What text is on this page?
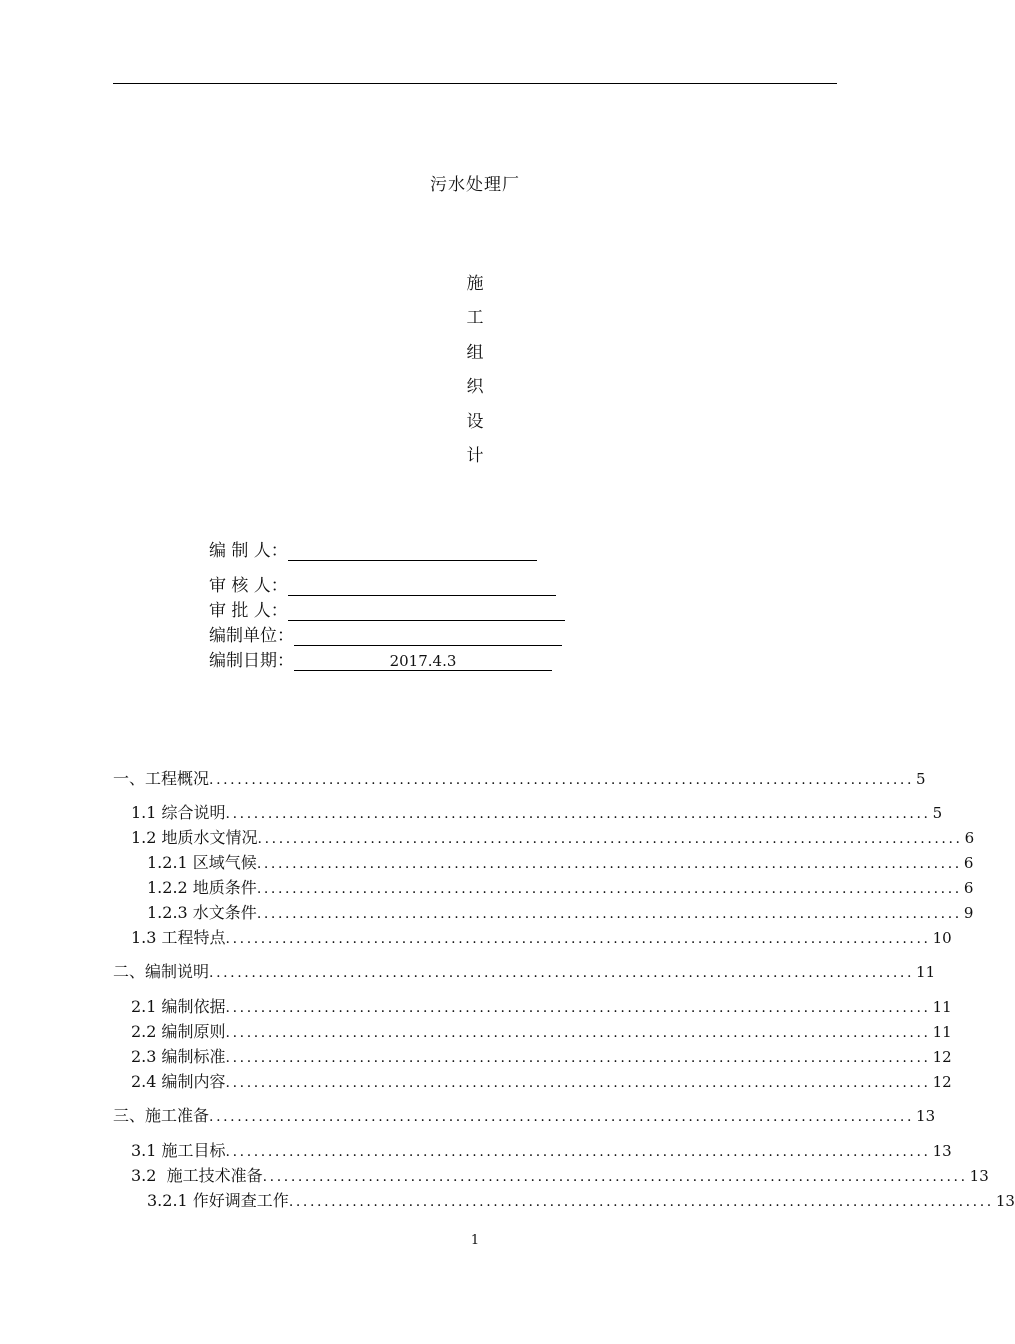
污水处理厂
施
工
组
织
设
计
编 制 人：
审 核 人：
审 批 人：
编制单位：
编制日期：	2017.4.3
一、工程概况 .................................................................................................... 5
1.1 综合说明 .................................................................................................... 5
1.2 地质水文情况 .................................................................................................... 6
1.2.1 区域气候 .................................................................................................... 6
1.2.2 地质条件 .................................................................................................... 6
1.2.3 水文条件 .................................................................................................... 9
1.3 工程特点 .................................................................................................... 10
二、编制说明 .................................................................................................... 11
2.1 编制依据 .................................................................................................... 11
2.2 编制原则 .................................................................................................... 11
2.3 编制标准 .................................................................................................... 12
2.4 编制内容 .................................................................................................... 12
三、施工准备 .................................................................................................... 13
3.1 施工目标 .................................................................................................... 13
3.2  施工技术准备 .................................................................................................... 13
3.2.1 作好调查工作 .................................................................................................... 13
1
